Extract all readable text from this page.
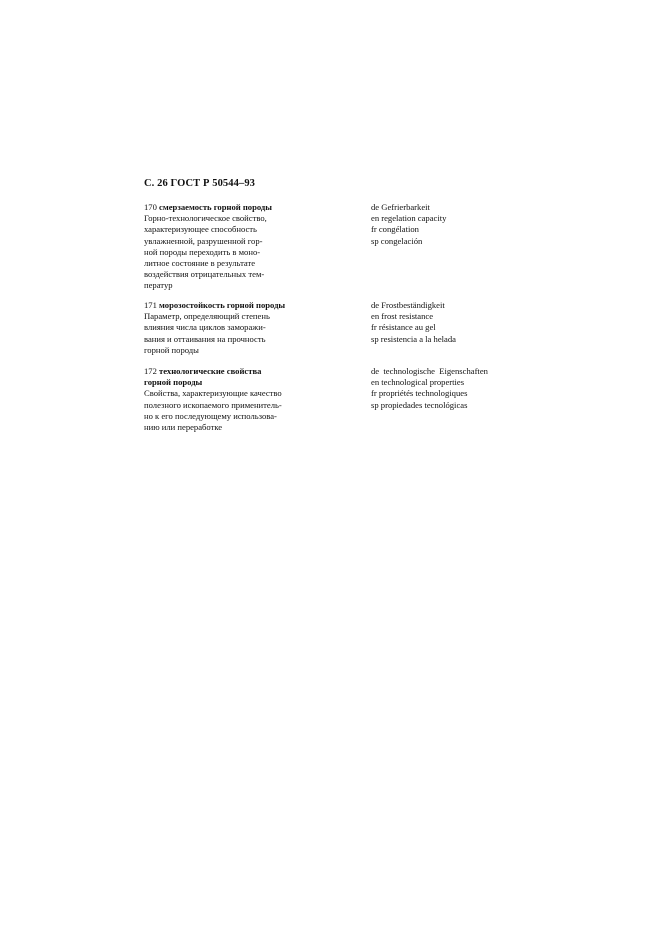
С. 26 ГОСТ Р 50544–93
170 смерзаемость горной породы
Горно-технологическое свойство,
характеризующее способность
увлажненной, разрушенной гор-
ной породы переходить в моно-
литное состояние в результате
воздействия отрицательных тем-
ператур
de Gefrierbarkeit
en regelation capacity
fr congélation
sp congelación
171 морозостойкость горной породы
Параметр, определяющий степень
влияния числа циклов заморажи-
вания и оттаивания на прочность
горной породы
de Frostbeständigkeit
en frost resistance
fr résistance au gel
sp resistencia a la helada
172 технологические свойства
горной породы
Свойства, характеризующие качество
полезного ископаемого применитель-
но к его последующему использова-
нию или переработке
de  technologische  Eigenschaften
en technological properties
fr propriétés technologiques
sp propiedades tecnológicas
